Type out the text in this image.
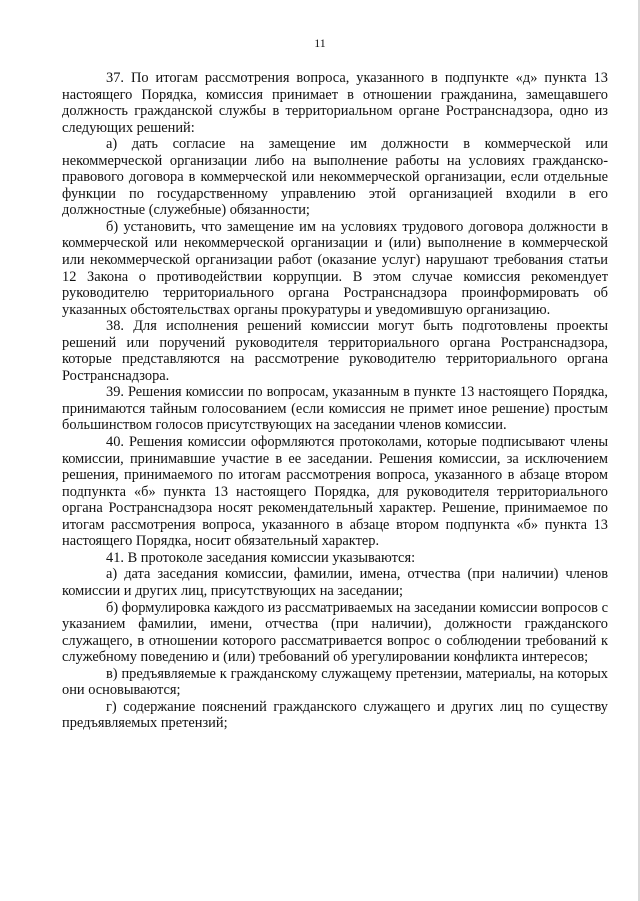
11

37. По итогам рассмотрения вопроса, указанного в подпункте «д» пункта 13 настоящего Порядка, комиссия принимает в отношении гражданина, замещавшего должность гражданской службы в территориальном органе Ространснадзора, одно из следующих решений:

а) дать согласие на замещение им должности в коммерческой или некоммерческой организации либо на выполнение работы на условиях гражданско-правового договора в коммерческой или некоммерческой организации, если отдельные функции по государственному управлению этой организацией входили в его должностные (служебные) обязанности;

б) установить, что замещение им на условиях трудового договора должности в коммерческой или некоммерческой организации и (или) выполнение в коммерческой или некоммерческой организации работ (оказание услуг) нарушают требования статьи 12 Закона о противодействии коррупции. В этом случае комиссия рекомендует руководителю территориального органа Ространснадзора проинформировать об указанных обстоятельствах органы прокуратуры и уведомившую организацию.

38. Для исполнения решений комиссии могут быть подготовлены проекты решений или поручений руководителя территориального органа Ространснадзора, которые представляются на рассмотрение руководителю территориального органа Ространснадзора.

39. Решения комиссии по вопросам, указанным в пункте 13 настоящего Порядка, принимаются тайным голосованием (если комиссия не примет иное решение) простым большинством голосов присутствующих на заседании членов комиссии.

40. Решения комиссии оформляются протоколами, которые подписывают члены комиссии, принимавшие участие в ее заседании. Решения комиссии, за исключением решения, принимаемого по итогам рассмотрения вопроса, указанного в абзаце втором подпункта «б» пункта 13 настоящего Порядка, для руководителя территориального органа Ространснадзора носят рекомендательный характер. Решение, принимаемое по итогам рассмотрения вопроса, указанного в абзаце втором подпункта «б» пункта 13 настоящего Порядка, носит обязательный характер.

41. В протоколе заседания комиссии указываются:

а) дата заседания комиссии, фамилии, имена, отчества (при наличии) членов комиссии и других лиц, присутствующих на заседании;

б) формулировка каждого из рассматриваемых на заседании комиссии вопросов с указанием фамилии, имени, отчества (при наличии), должности гражданского служащего, в отношении которого рассматривается вопрос о соблюдении требований к служебному поведению и (или) требований об урегулировании конфликта интересов;

в) предъявляемые к гражданскому служащему претензии, материалы, на которых они основываются;

г) содержание пояснений гражданского служащего и других лиц по существу предъявляемых претензий;
